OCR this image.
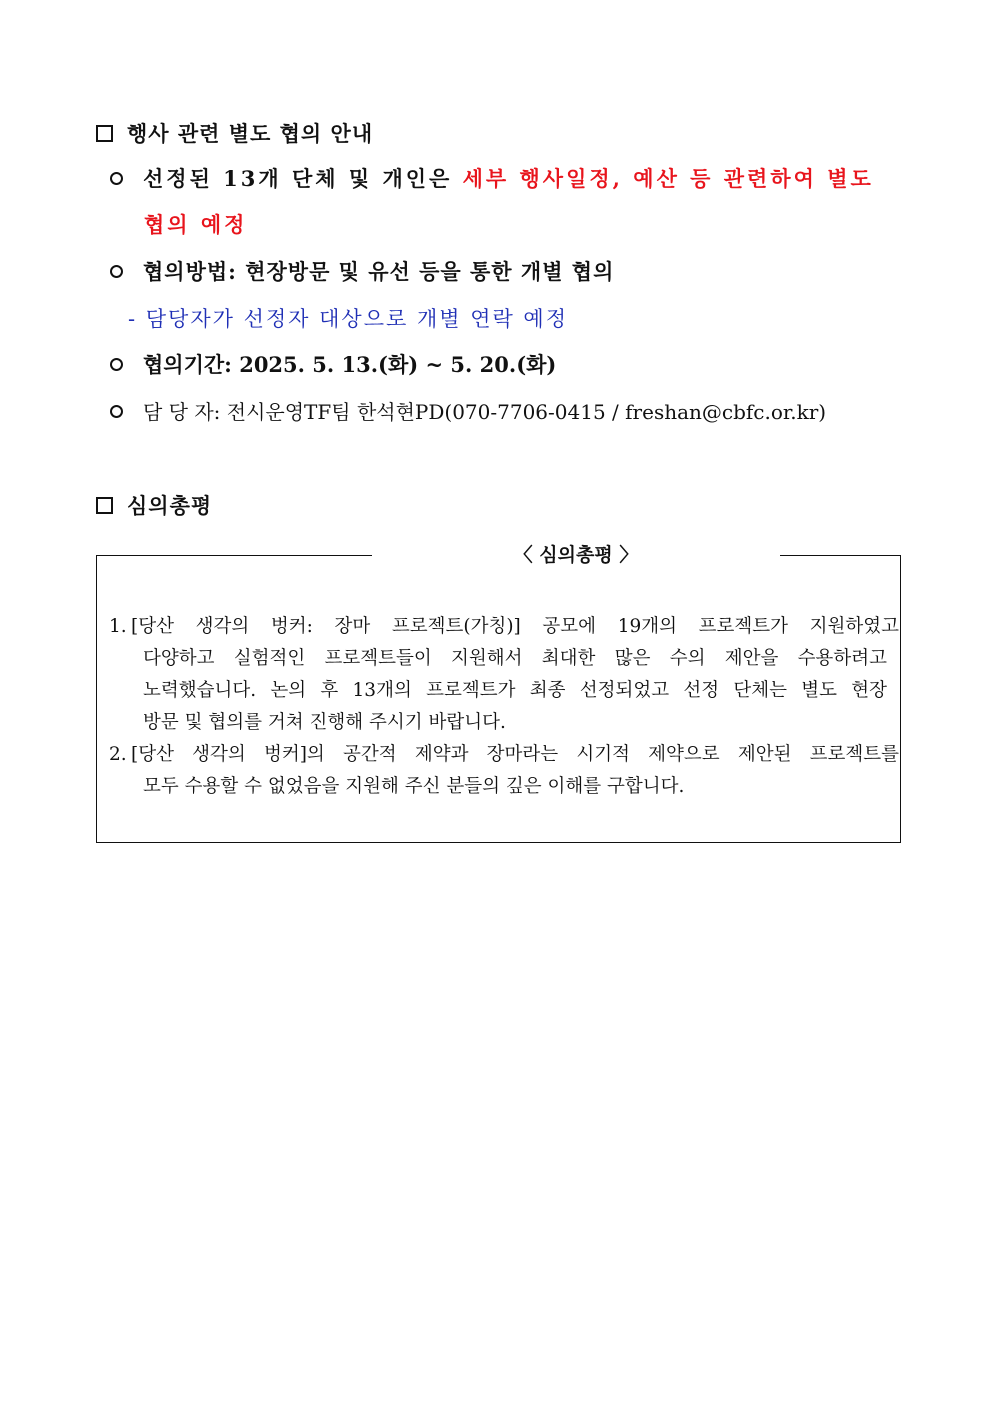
행사 관련 별도 협의 안내
선정된 13개 단체 및 개인은 세부 행사일정, 예산 등 관련하여 별도
협의 예정
협의방법: 현장방문 및 유선 등을 통한 개별 협의
- 담당자가 선정자 대상으로 개별 연락 예정
협의기간: 2025. 5. 13.(화) ~ 5. 20.(화)
담 당 자: 전시운영TF팀 한석현PD(070-7706-0415 / freshan@cbfc.or.kr)
심의총평
〈 심의총평 〉
1. [당산 생각의 벙커: 장마 프로젝트(가칭)] 공모에 19개의 프로젝트가 지원하였고
다양하고 실험적인 프로젝트들이 지원해서 최대한 많은 수의 제안을 수용하려고
노력했습니다. 논의 후 13개의 프로젝트가 최종 선정되었고 선정 단체는 별도 현장
방문 및 협의를 거쳐 진행해 주시기 바랍니다.
2. [당산 생각의 벙커]의 공간적 제약과 장마라는 시기적 제약으로 제안된 프로젝트를
모두 수용할 수 없었음을 지원해 주신 분들의 깊은 이해를 구합니다.
